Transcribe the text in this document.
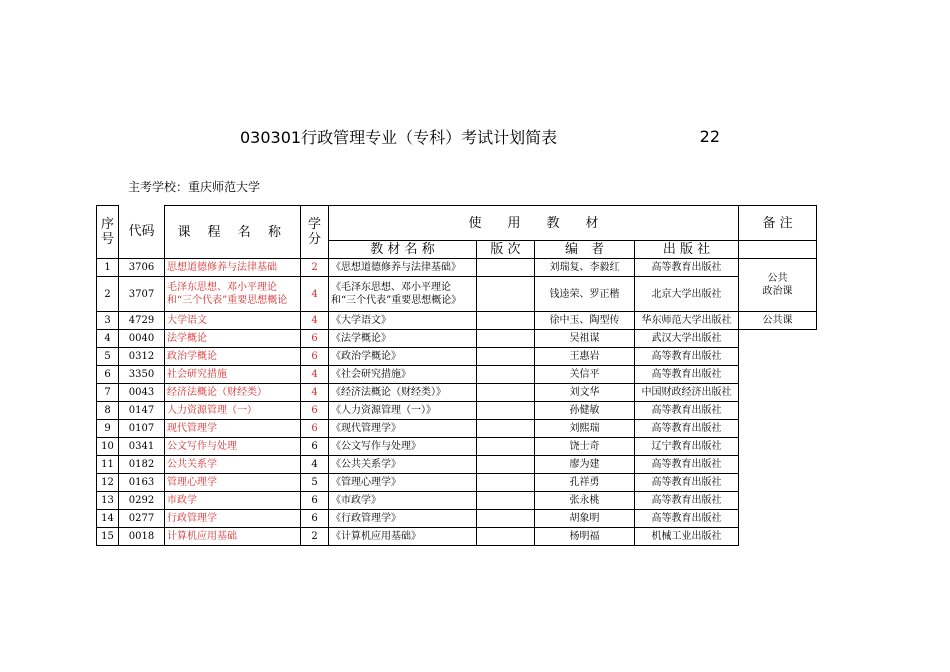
030301行政管理专业（专科）考试计划简表	22
主考学校：重庆师范大学
序号	代码	课 程 名 称	学分	使　　用　　教　　材				备 注
				教 材 名 称	版 次	编　者	出 版 社	
1	3706	思想道德修养与法律基础	2	《思想道德修养与法律基础》		刘瑞复、李毅红	高等教育出版社	公共
政治课
2	3707	毛泽东思想、邓小平理论和“三个代表”重要思想概论	4	《毛泽东思想、邓小平理论和“三个代表”重要思想概论》		钱逵荣、罗正楷	北京大学出版社	
3	4729	大学语文	4	《大学语文》		徐中玉、陶型传	华东师范大学出版社	公共课
4	0040	法学概论	6	《法学概论》		吴祖谋	武汉大学出版社	
5	0312	政治学概论	6	《政治学概论》		王惠岩	高等教育出版社	
6	3350	社会研究措施	4	《社会研究措施》		关信平	高等教育出版社	
7	0043	经济法概论（财经类）	4	《经济法概论（财经类）》		刘文华	中国财政经济出版社	
8	0147	人力资源管理（一）	6	《人力资源管理（一）》		孙健敏	高等教育出版社	
9	0107	现代管理学	6	《现代管理学》		刘熙瑞	高等教育出版社	
10	0341	公文写作与处理	6	《公文写作与处理》		饶士奇	辽宁教育出版社	
11	0182	公共关系学	4	《公共关系学》		廖为建	高等教育出版社	
12	0163	管理心理学	5	《管理心理学》		孔祥勇	高等教育出版社	
13	0292	市政学	6	《市政学》		张永桃	高等教育出版社	
14	0277	行政管理学	6	《行政管理学》		胡象明	高等教育出版社	
15	0018	计算机应用基础	2	《计算机应用基础》		杨明福	机械工业出版社	
